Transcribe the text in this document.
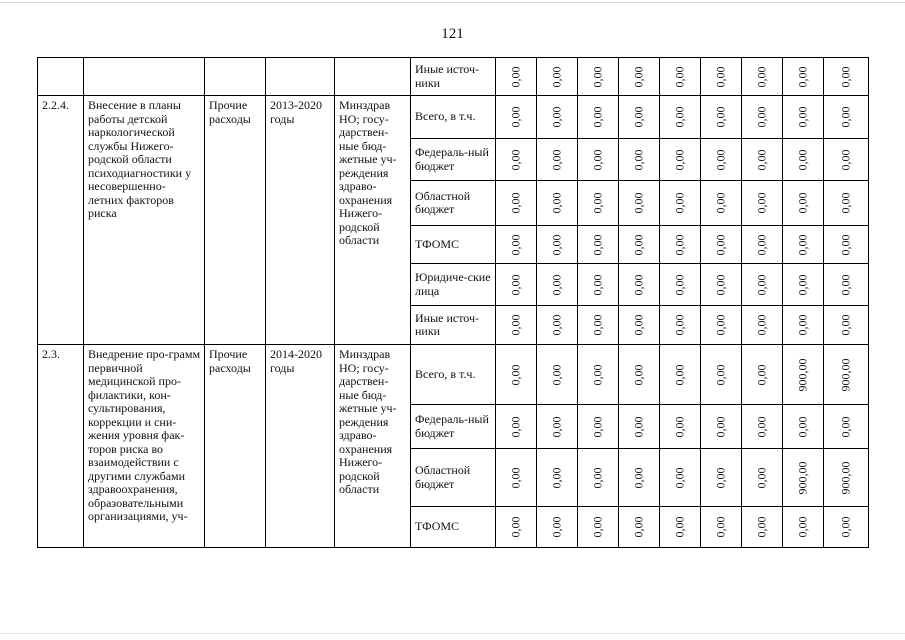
121
					Иные источ-ники	0,00	0,00	0,00	0,00	0,00	0,00	0,00	0,00	0,00

2.2.4.	Внесение в планы работы детской наркологической службы Нижего-родской области психодиагностики у несовершенно-летних факторов риска	Прочие расходы	2013-2020 годы	Минздрав НО; госу-дарствен-ные бюд-жетные уч-реждения здраво-охранения Нижего-родской области	Всего, в т.ч.	0,00	0,00	0,00	0,00	0,00	0,00	0,00	0,00	0,00

					Федераль-ный бюджет	0,00	0,00	0,00	0,00	0,00	0,00	0,00	0,00	0,00

					Областной бюджет	0,00	0,00	0,00	0,00	0,00	0,00	0,00	0,00	0,00

					ТФОМС	0,00	0,00	0,00	0,00	0,00	0,00	0,00	0,00	0,00

					Юридиче-ские лица	0,00	0,00	0,00	0,00	0,00	0,00	0,00	0,00	0,00

					Иные источ-ники	0,00	0,00	0,00	0,00	0,00	0,00	0,00	0,00	0,00

2.3.	Внедрение про-грамм первичной медицинской про-филактики, кон-сультирования, коррекции и сни-жения уровня фак-торов риска во взаимодействии с другими службами здравоохранения, образовательными организациями, уч-	Прочие расходы	2014-2020 годы	Минздрав НО; госу-дарствен-ные бюд-жетные уч-реждения здраво-охранения Нижего-родской области	Всего, в т.ч.	0,00	0,00	0,00	0,00	0,00	0,00	0,00	900,00	900,00

					Федераль-ный бюджет	0,00	0,00	0,00	0,00	0,00	0,00	0,00	0,00	0,00

					Областной бюджет	0,00	0,00	0,00	0,00	0,00	0,00	0,00	900,00	900,00

					ТФОМС	0,00	0,00	0,00	0,00	0,00	0,00	0,00	0,00	0,00
